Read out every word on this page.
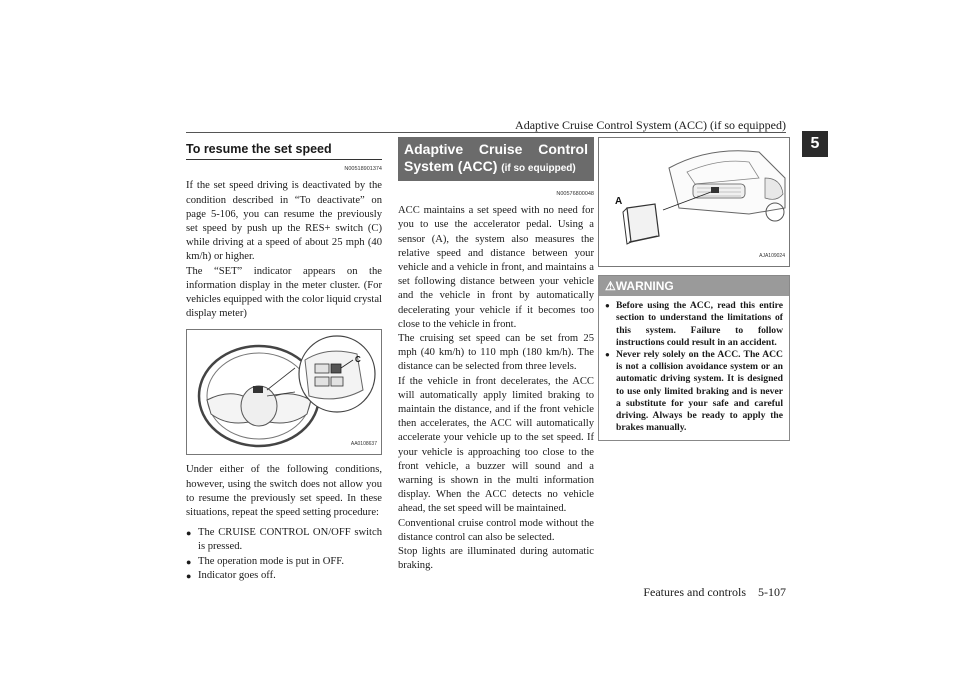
Adaptive Cruise Control System (ACC) (if so equipped)
5
To resume the set speed
N00518901374

If the set speed driving is deactivated by the condition described in “To deactivate” on page 5-106, you can resume the previously set speed by push up the RES+ switch (C) while driving at a speed of about 25 mph (40 km/h) or higher.

The “SET” indicator appears on the information display in the meter cluster. (For vehicles equipped with the color liquid crystal display meter)

C
AA0108637

Under either of the following conditions, however, using the switch does not allow you to resume the previously set speed. In these situations, repeat the speed setting procedure:

● The CRUISE CONTROL ON/OFF switch is pressed.
● The operation mode is put in OFF.
● Indicator goes off.
Adaptive Cruise Control System (ACC) (if so equipped)
N00576800048

ACC maintains a set speed with no need for you to use the accelerator pedal. Using a sensor (A), the system also measures the relative speed and distance between your vehicle and a vehicle in front, and maintains a set following distance between your vehicle and the vehicle in front by automatically decelerating your vehicle if it becomes too close to the vehicle in front.

The cruising set speed can be set from 25 mph (40 km/h) to 110 mph (180 km/h). The distance can be selected from three levels.

If the vehicle in front decelerates, the ACC will automatically apply limited braking to maintain the distance, and if the front vehicle then accelerates, the ACC will automatically accelerate your vehicle up to the set speed. If your vehicle is approaching too close to the front vehicle, a buzzer will sound and a warning is shown in the multi information display. When the ACC detects no vehicle ahead, the set speed will be maintained.

Conventional cruise control mode without the distance control can also be selected.

Stop lights are illuminated during automatic braking.

A
AJA109024
⚠WARNING
● Before using the ACC, read this entire section to understand the limitations of this system. Failure to follow instructions could result in an accident.
● Never rely solely on the ACC. The ACC is not a collision avoidance system or an automatic driving system. It is designed to use only limited braking and is never a substitute for your safe and careful driving. Always be ready to apply the brakes manually.
Features and controls    5-107
